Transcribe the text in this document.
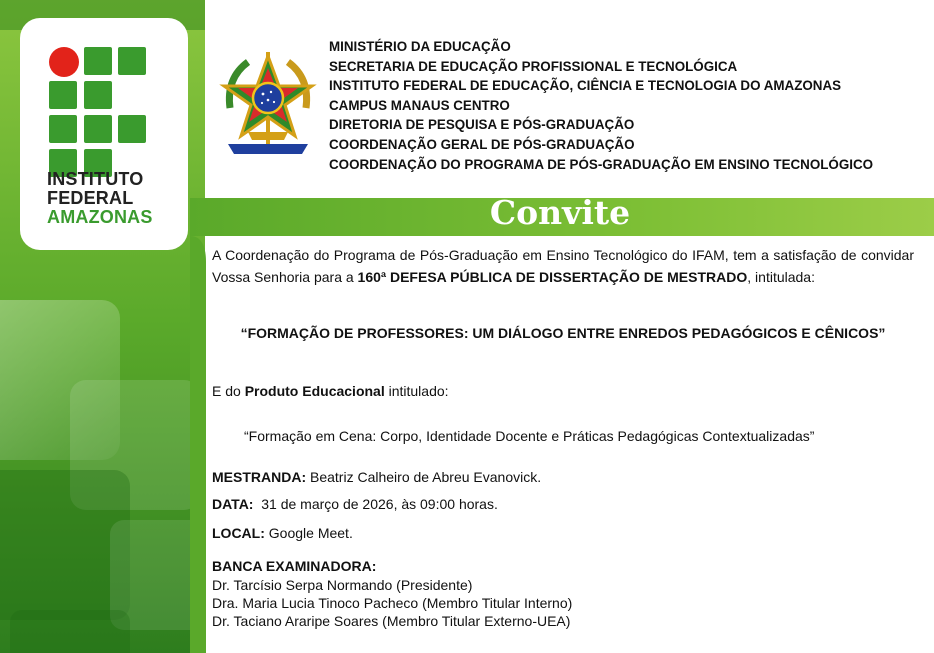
INSTITUTO
FEDERAL
AMAZONAS
MINISTÉRIO DA EDUCAÇÃO
SECRETARIA DE EDUCAÇÃO PROFISSIONAL E TECNOLÓGICA
INSTITUTO FEDERAL DE EDUCAÇÃO, CIÊNCIA E TECNOLOGIA DO AMAZONAS
CAMPUS MANAUS CENTRO
DIRETORIA DE PESQUISA E PÓS-GRADUAÇÃO
COORDENAÇÃO GERAL DE PÓS-GRADUAÇÃO
COORDENAÇÃO DO PROGRAMA DE PÓS-GRADUAÇÃO EM ENSINO TECNOLÓGICO
Convite

A Coordenação do Programa de Pós-Graduação em Ensino Tecnológico do IFAM, tem a satisfação de convidar Vossa Senhoria para a 160ª DEFESA PÚBLICA DE DISSERTAÇÃO DE MESTRADO, intitulada:

“FORMAÇÃO DE PROFESSORES: UM DIÁLOGO ENTRE ENREDOS PEDAGÓGICOS E CÊNICOS”
E do Produto Educacional intitulado:
“Formação em Cena: Corpo, Identidade Docente e Práticas Pedagógicas Contextualizadas”
MESTRANDA: Beatriz Calheiro de Abreu Evanovick.
DATA:  31 de março de 2026, às 09:00 horas.
LOCAL: Google Meet.
BANCA EXAMINADORA:
Dr. Tarcísio Serpa Normando (Presidente)
Dra. Maria Lucia Tinoco Pacheco (Membro Titular Interno)
Dr. Taciano Araripe Soares (Membro Titular Externo-UEA)
